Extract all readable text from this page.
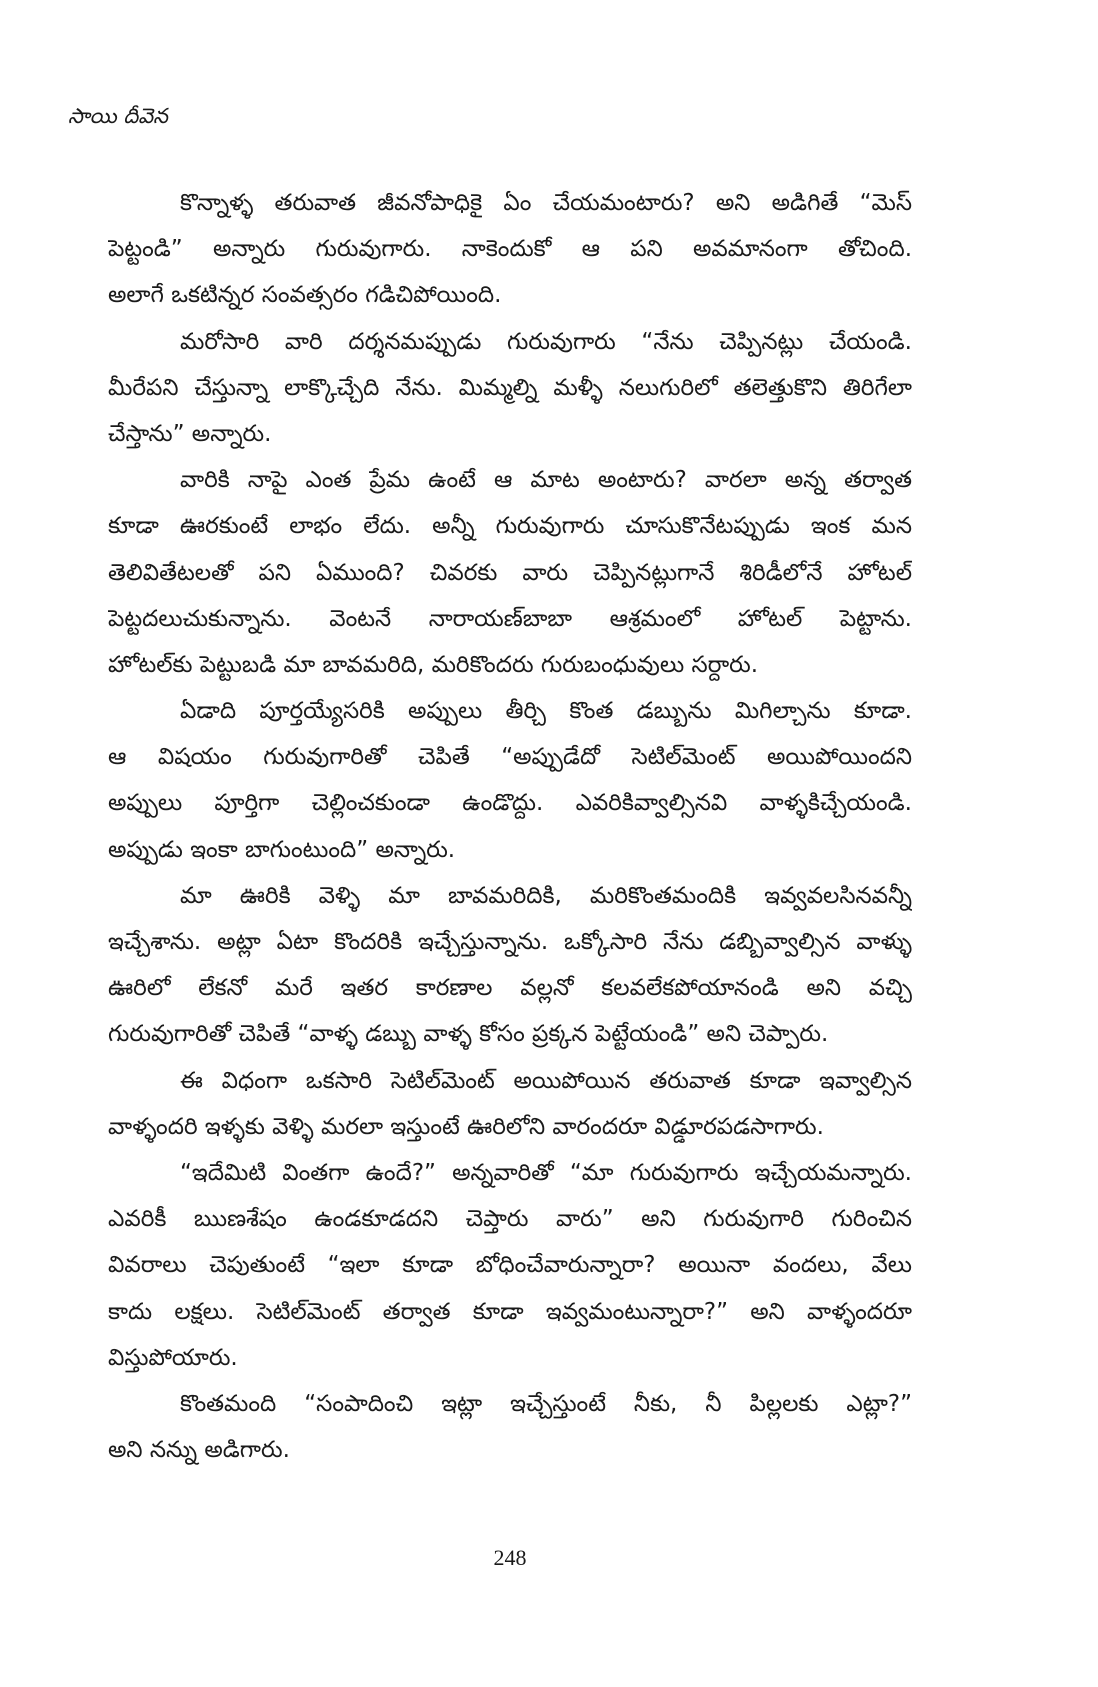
సాయి దీవెన
కొన్నాళ్ళ తరువాత జీవనోపాధికై ఏం చేయమంటారు? అని అడిగితే “మెస్
పెట్టండి” అన్నారు గురువుగారు. నాకెందుకో ఆ పని అవమానంగా తోచింది.
అలాగే ఒకటిన్నర సంవత్సరం గడిచిపోయింది.
మరోసారి వారి దర్శనమప్పుడు గురువుగారు “నేను చెప్పినట్లు చేయండి.
మీరేపని చేస్తున్నా లాక్కొచ్చేది నేను. మిమ్మల్ని మళ్ళీ నలుగురిలో తలెత్తుకొని తిరిగేలా
చేస్తాను” అన్నారు.
వారికి నాపై ఎంత ప్రేమ ఉంటే ఆ మాట అంటారు? వారలా అన్న తర్వాత
కూడా ఊరకుంటే లాభం లేదు. అన్నీ గురువుగారు చూసుకొనేటప్పుడు ఇంక మన
తెలివితేటలతో పని ఏముంది? చివరకు వారు చెప్పినట్లుగానే శిరిడీలోనే హోటల్
పెట్టదలుచుకున్నాను. వెంటనే నారాయణ్‌బాబా ఆశ్రమంలో హోటల్ పెట్టాను.
హోటల్‌కు పెట్టుబడి మా బావమరిది, మరికొందరు గురుబంధువులు సర్దారు.
ఏడాది పూర్తయ్యేసరికి అప్పులు తీర్చి కొంత డబ్బును మిగిల్చాను కూడా.
ఆ విషయం గురువుగారితో చెపితే “అప్పుడేదో సెటిల్‌మెంట్ అయిపోయిందని
అప్పులు పూర్తిగా చెల్లించకుండా ఉండొద్దు. ఎవరికివ్వాల్సినవి వాళ్ళకిచ్చేయండి.
అప్పుడు ఇంకా బాగుంటుంది” అన్నారు.
మా ఊరికి వెళ్ళి మా బావమరిదికి, మరికొంతమందికి ఇవ్వవలసినవన్నీ
ఇచ్చేశాను. అట్లా ఏటా కొందరికి ఇచ్చేస్తున్నాను. ఒక్కోసారి నేను డబ్బివ్వాల్సిన వాళ్ళు
ఊరిలో లేకనో మరే ఇతర కారణాల వల్లనో కలవలేకపోయానండి అని వచ్చి
గురువుగారితో చెపితే “వాళ్ళ డబ్బు వాళ్ళ కోసం ప్రక్కన పెట్టేయండి” అని చెప్పారు.
ఈ విధంగా ఒకసారి సెటిల్‌మెంట్ అయిపోయిన తరువాత కూడా ఇవ్వాల్సిన
వాళ్ళందరి ఇళ్ళకు వెళ్ళి మరలా ఇస్తుంటే ఊరిలోని వారందరూ విడ్డూరపడసాగారు.
“ఇదేమిటి వింతగా ఉందే?” అన్నవారితో “మా గురువుగారు ఇచ్చేయమన్నారు.
ఎవరికీ ఋణశేషం ఉండకూడదని చెప్తారు వారు” అని గురువుగారి గురించిన
వివరాలు చెపుతుంటే “ఇలా కూడా బోధించేవారున్నారా? అయినా వందలు, వేలు
కాదు లక్షలు. సెటిల్‌మెంట్ తర్వాత కూడా ఇవ్వమంటున్నారా?” అని వాళ్ళందరూ
విస్తుపోయారు.
కొంతమంది “సంపాదించి ఇట్లా ఇచ్చేస్తుంటే నీకు, నీ పిల్లలకు ఎట్లా?”
అని నన్ను అడిగారు.
248
